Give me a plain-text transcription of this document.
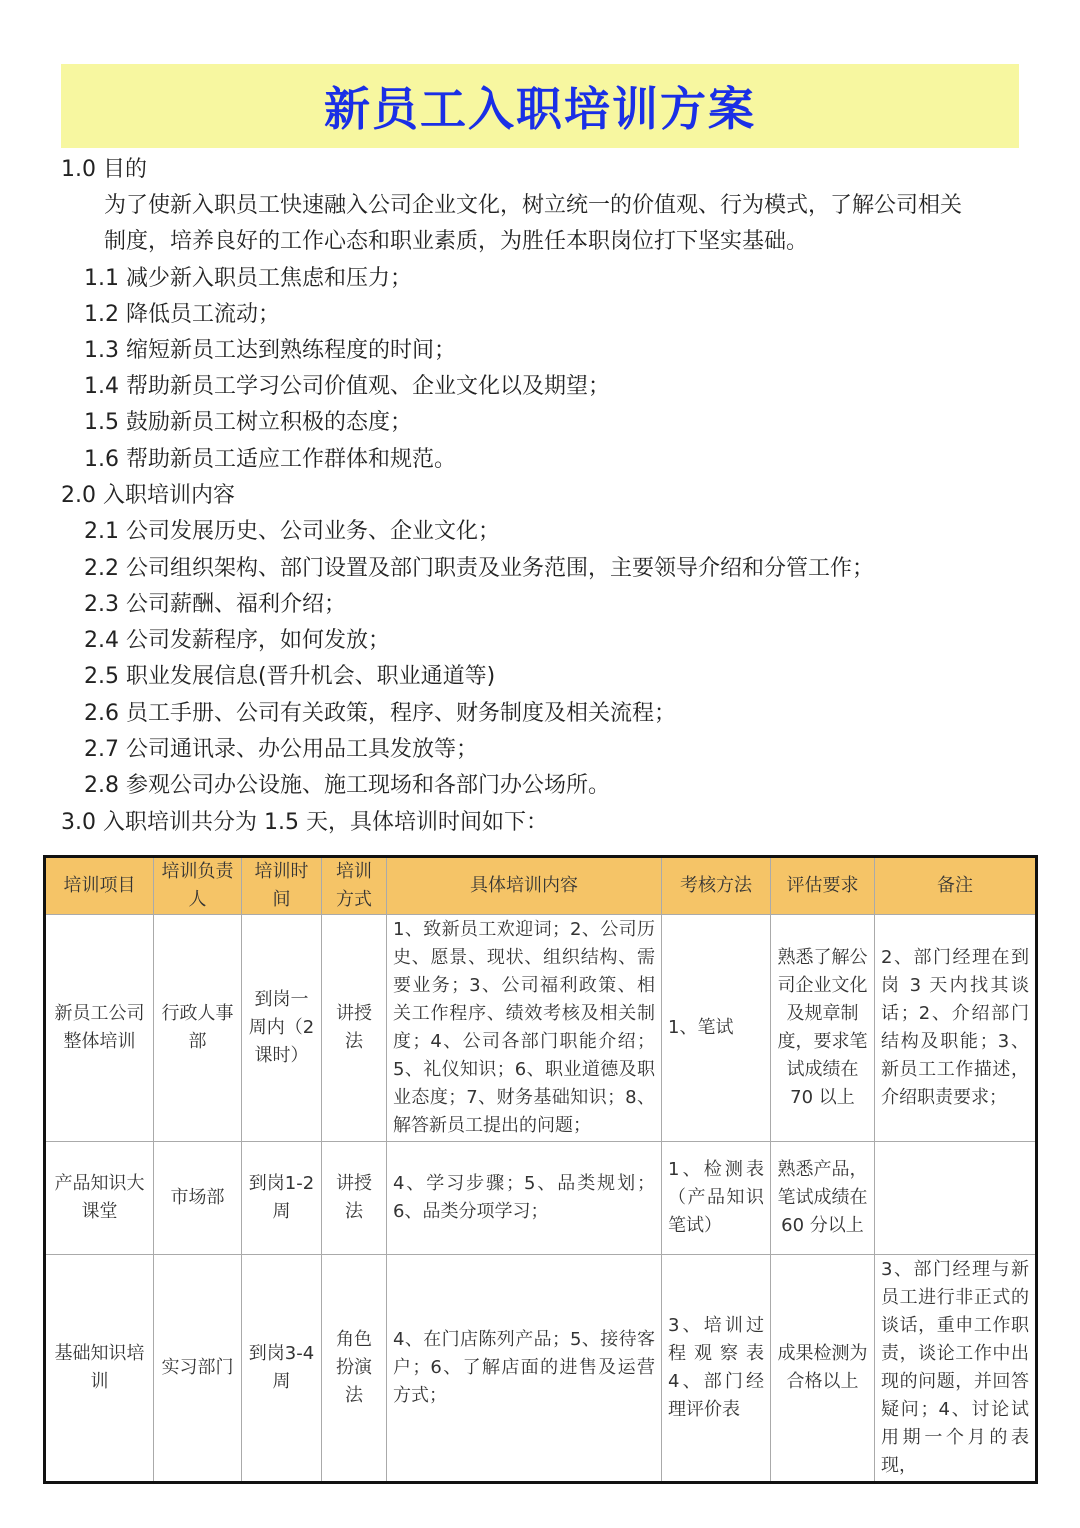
新员工入职培训方案
1.0 目的
为了使新入职员工快速融入公司企业文化，树立统一的价值观、行为模式，了解公司相关
制度，培养良好的工作心态和职业素质，为胜任本职岗位打下坚实基础。
1.1 减少新入职员工焦虑和压力；
1.2 降低员工流动；
1.3 缩短新员工达到熟练程度的时间；
1.4 帮助新员工学习公司价值观、企业文化以及期望；
1.5 鼓励新员工树立积极的态度；
1.6 帮助新员工适应工作群体和规范。
2.0 入职培训内容
2.1 公司发展历史、公司业务、企业文化；
2.2 公司组织架构、部门设置及部门职责及业务范围，主要领导介绍和分管工作；
2.3 公司薪酬、福利介绍；
2.4 公司发薪程序，如何发放；
2.5 职业发展信息(晋升机会、职业通道等)
2.6 员工手册、公司有关政策，程序、财务制度及相关流程；
2.7 公司通讯录、办公用品工具发放等；
2.8 参观公司办公设施、施工现场和各部门办公场所。
3.0 入职培训共分为 1.5 天，具体培训时间如下：
培训项目	培训负责人	培训时间	培训方式	具体培训内容	考核方法	评估要求	备注
新员工公司整体培训	行政人事部	到岗一周内（2课时）	讲授法	1、致新员工欢迎词；2、公司历史、愿景、现状、组织结构、需要业务；3、公司福利政策、相关工作程序、绩效考核及相关制度；4、公司各部门职能介绍；5、礼仪知识；6、职业道德及职业态度；7、财务基础知识；8、解答新员工提出的问题；	1、笔试	熟悉了解公司企业文化及规章制度，要求笔试成绩在 70 以上	2、部门经理在到岗 3 天内找其谈话；2、介绍部门结构及职能；3、新员工工作描述，介绍职责要求；
产品知识大课堂	市场部	到岗1-2周	讲授法	4、学习步骤；5、品类规划；6、品类分项学习；	1、检测表（产品知识笔试）	熟悉产品，笔试成绩在 60 分以上	
基础知识培训	实习部门	到岗3-4周	角色扮演法	4、在门店陈列产品；5、接待客户；6、了解店面的进售及运营方式；	3、培训过程观察表 4、部门经理评价表	成果检测为合格以上	3、部门经理与新员工进行非正式的谈话，重申工作职责，谈论工作中出现的问题，并回答疑问；4、讨论试用期一个月的表现，
